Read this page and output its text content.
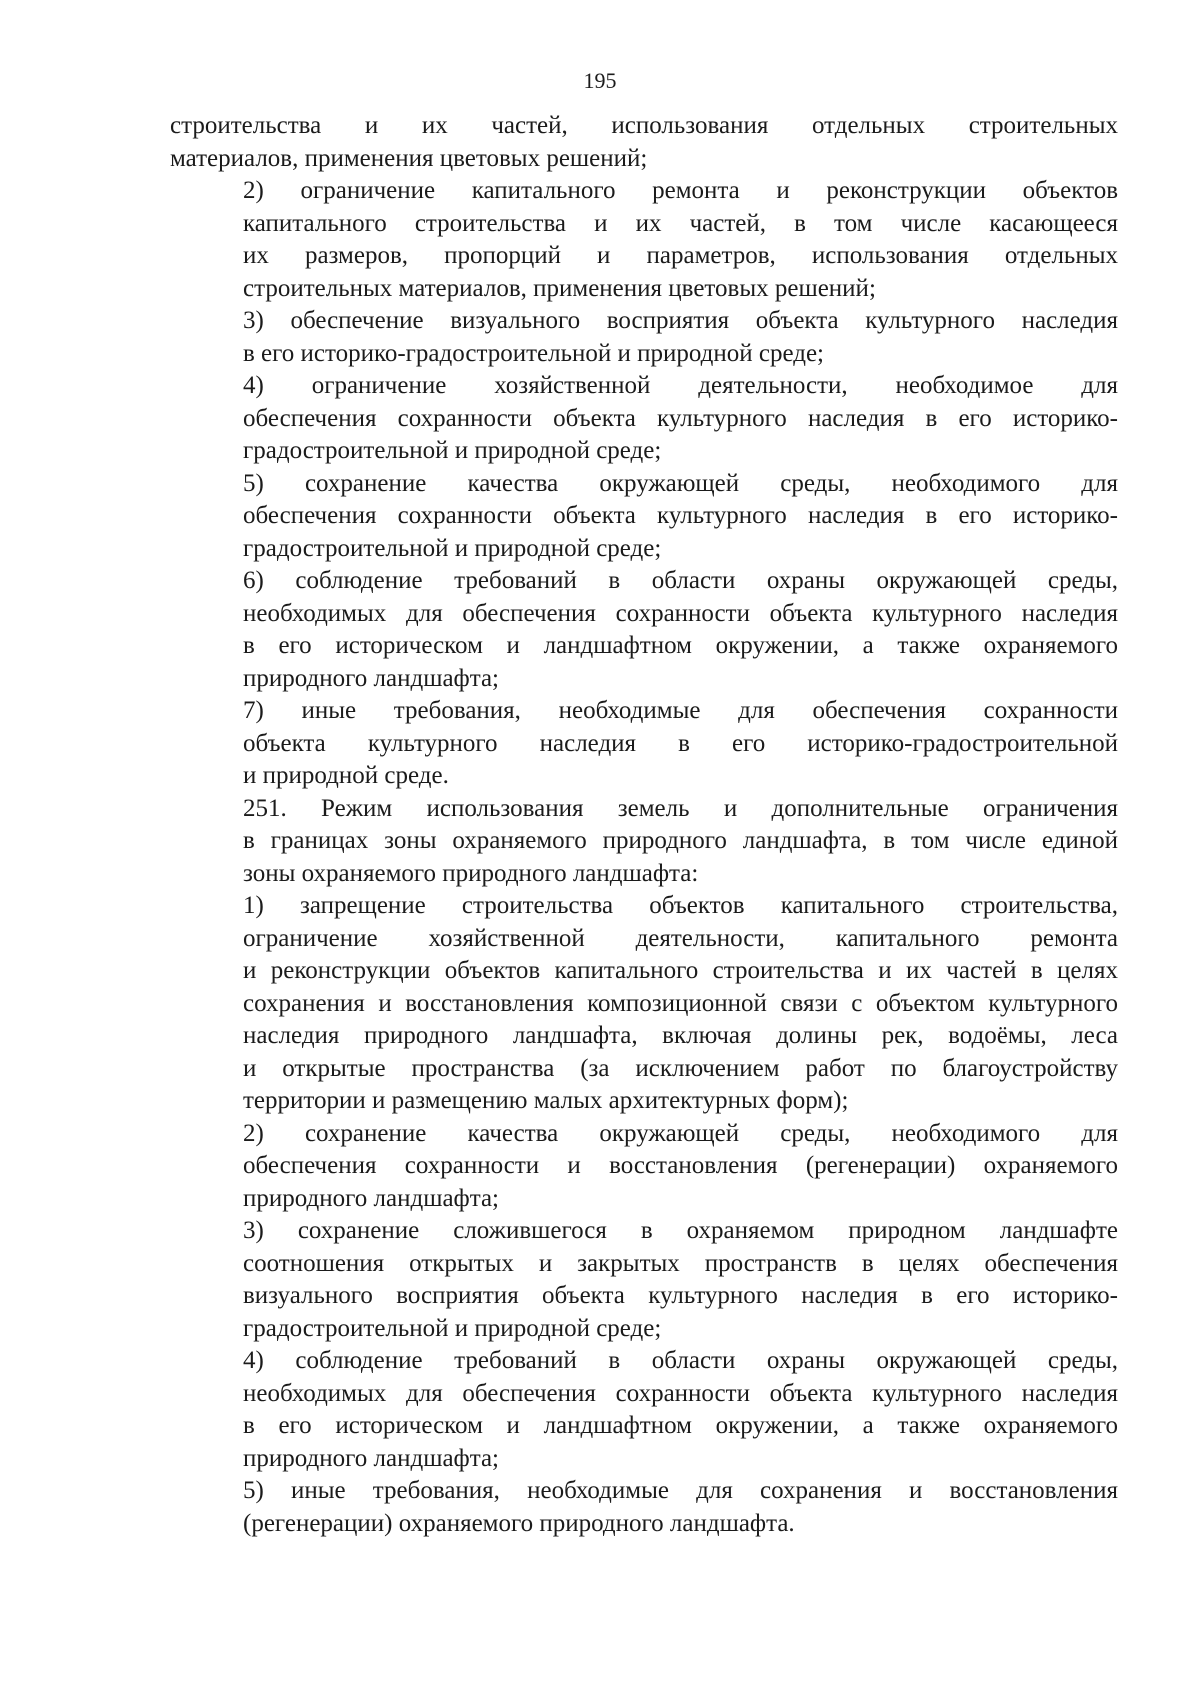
195

строительства и их частей, использования отдельных строительных
материалов, применения цветовых решений;

2) ограничение капитального ремонта и реконструкции объектов
капитального строительства и их частей, в том числе касающееся
их размеров, пропорций и параметров, использования отдельных
строительных материалов, применения цветовых решений;

3) обеспечение визуального восприятия объекта культурного наследия
в его историко-градостроительной и природной среде;

4) ограничение хозяйственной деятельности, необходимое для
обеспечения сохранности объекта культурного наследия в его историко-
градостроительной и природной среде;

5) сохранение качества окружающей среды, необходимого для
обеспечения сохранности объекта культурного наследия в его историко-
градостроительной и природной среде;

6) соблюдение требований в области охраны окружающей среды,
необходимых для обеспечения сохранности объекта культурного наследия
в его историческом и ландшафтном окружении, а также охраняемого
природного ландшафта;

7) иные требования, необходимые для обеспечения сохранности
объекта культурного наследия в его историко-градостроительной
и природной среде.

251. Режим использования земель и дополнительные ограничения
в границах зоны охраняемого природного ландшафта, в том числе единой
зоны охраняемого природного ландшафта:

1) запрещение строительства объектов капитального строительства,
ограничение хозяйственной деятельности, капитального ремонта
и реконструкции объектов капитального строительства и их частей в целях
сохранения и восстановления композиционной связи с объектом культурного
наследия природного ландшафта, включая долины рек, водоёмы, леса
и открытые пространства (за исключением работ по благоустройству
территории и размещению малых архитектурных форм);

2) сохранение качества окружающей среды, необходимого для
обеспечения сохранности и восстановления (регенерации) охраняемого
природного ландшафта;

3) сохранение сложившегося в охраняемом природном ландшафте
соотношения открытых и закрытых пространств в целях обеспечения
визуального восприятия объекта культурного наследия в его историко-
градостроительной и природной среде;

4) соблюдение требований в области охраны окружающей среды,
необходимых для обеспечения сохранности объекта культурного наследия
в его историческом и ландшафтном окружении, а также охраняемого
природного ландшафта;

5) иные требования, необходимые для сохранения и восстановления
(регенерации) охраняемого природного ландшафта.
